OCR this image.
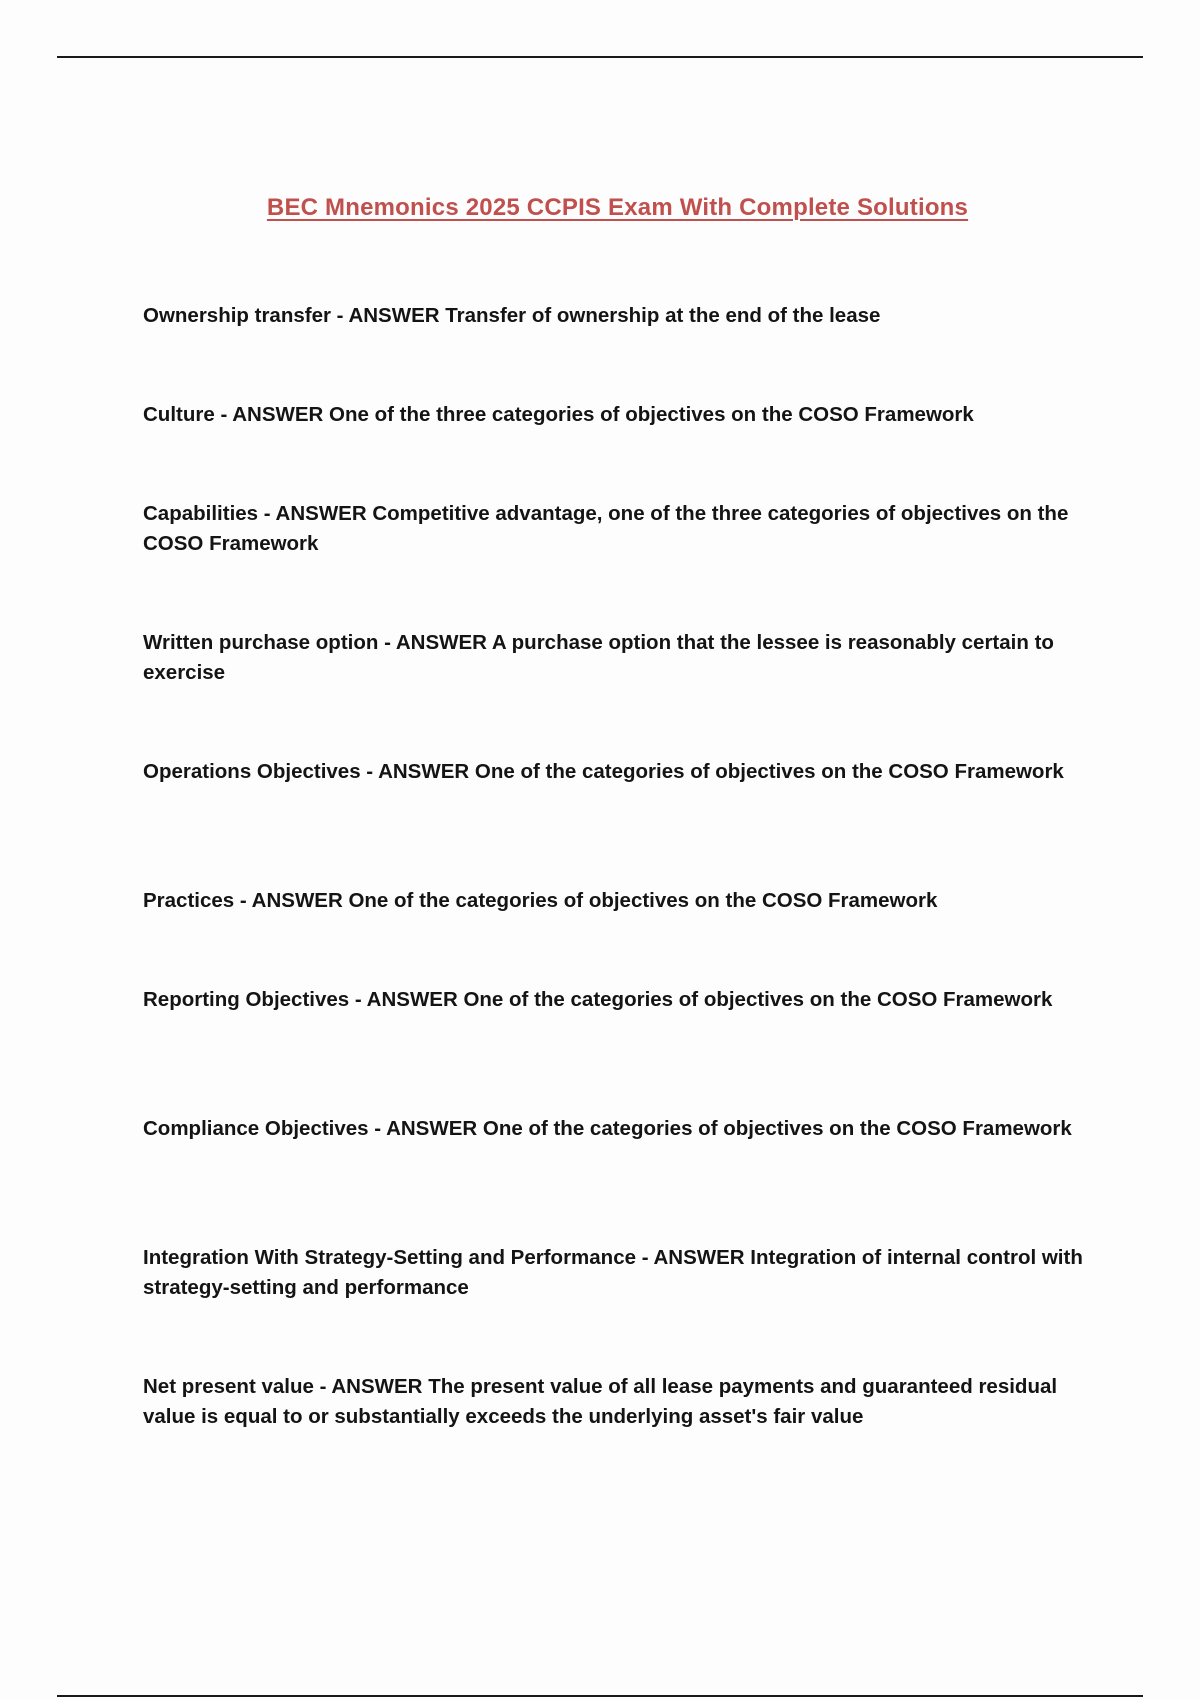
BEC Mnemonics 2025 CCPIS Exam With Complete Solutions

Ownership transfer - ANSWER Transfer of ownership at the end of the lease

Culture - ANSWER One of the three categories of objectives on the COSO Framework

Capabilities - ANSWER Competitive advantage, one of the three categories of objectives on the COSO Framework

Written purchase option - ANSWER A purchase option that the lessee is reasonably certain to exercise

Operations Objectives - ANSWER One of the categories of objectives on the COSO Framework

Practices - ANSWER One of the categories of objectives on the COSO Framework

Reporting Objectives - ANSWER One of the categories of objectives on the COSO Framework

Compliance Objectives - ANSWER One of the categories of objectives on the COSO Framework

Integration With Strategy-Setting and Performance - ANSWER Integration of internal control with strategy-setting and performance

Net present value - ANSWER The present value of all lease payments and guaranteed residual value is equal to or substantially exceeds the underlying asset's fair value
